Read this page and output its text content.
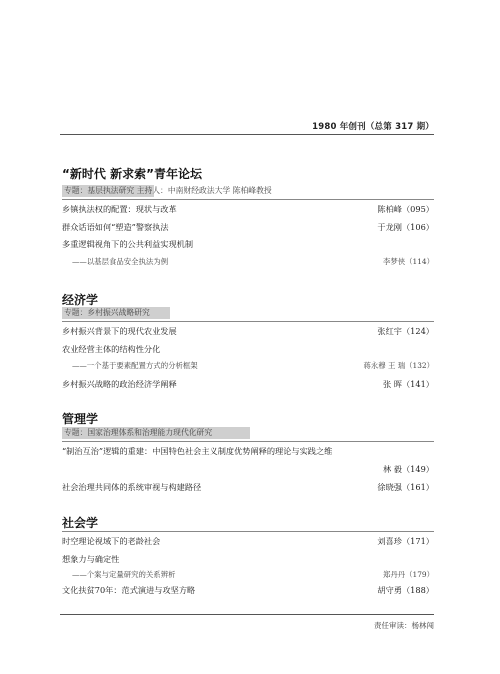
1980 年创刊（总第 317 期）
“新时代 新求索”青年论坛
专题：基层执法研究 主持人：中南财经政法大学 陈柏峰教授
乡镇执法权的配置：现状与改革	陈柏峰（095）
群众话语如何“塑造”警察执法	于龙刚（106）
多重逻辑视角下的公共利益实现机制
——以基层食品安全执法为例	李梦侠（114）
经济学
专题：乡村振兴战略研究
乡村振兴背景下的现代农业发展	张红宇（124）
农业经营主体的结构性分化
——一个基于要素配置方式的分析框架	蒋永穆 王 瑞（132）
乡村振兴战略的政治经济学阐释	张 晖（141）
管理学
专题：国家治理体系和治理能力现代化研究
“制治互治”逻辑的重建：中国特色社会主义制度优势阐释的理论与实践之维
林 毅（149）
社会治理共同体的系统审视与构建路径	徐晓强（161）
社会学
时空理论视域下的老龄社会	刘喜珍（171）
想象力与确定性
——个案与定量研究的关系辨析	郑丹丹（179）
文化扶贫70年：范式演进与攻坚方略	胡守勇（188）
责任审读：杨林闯
